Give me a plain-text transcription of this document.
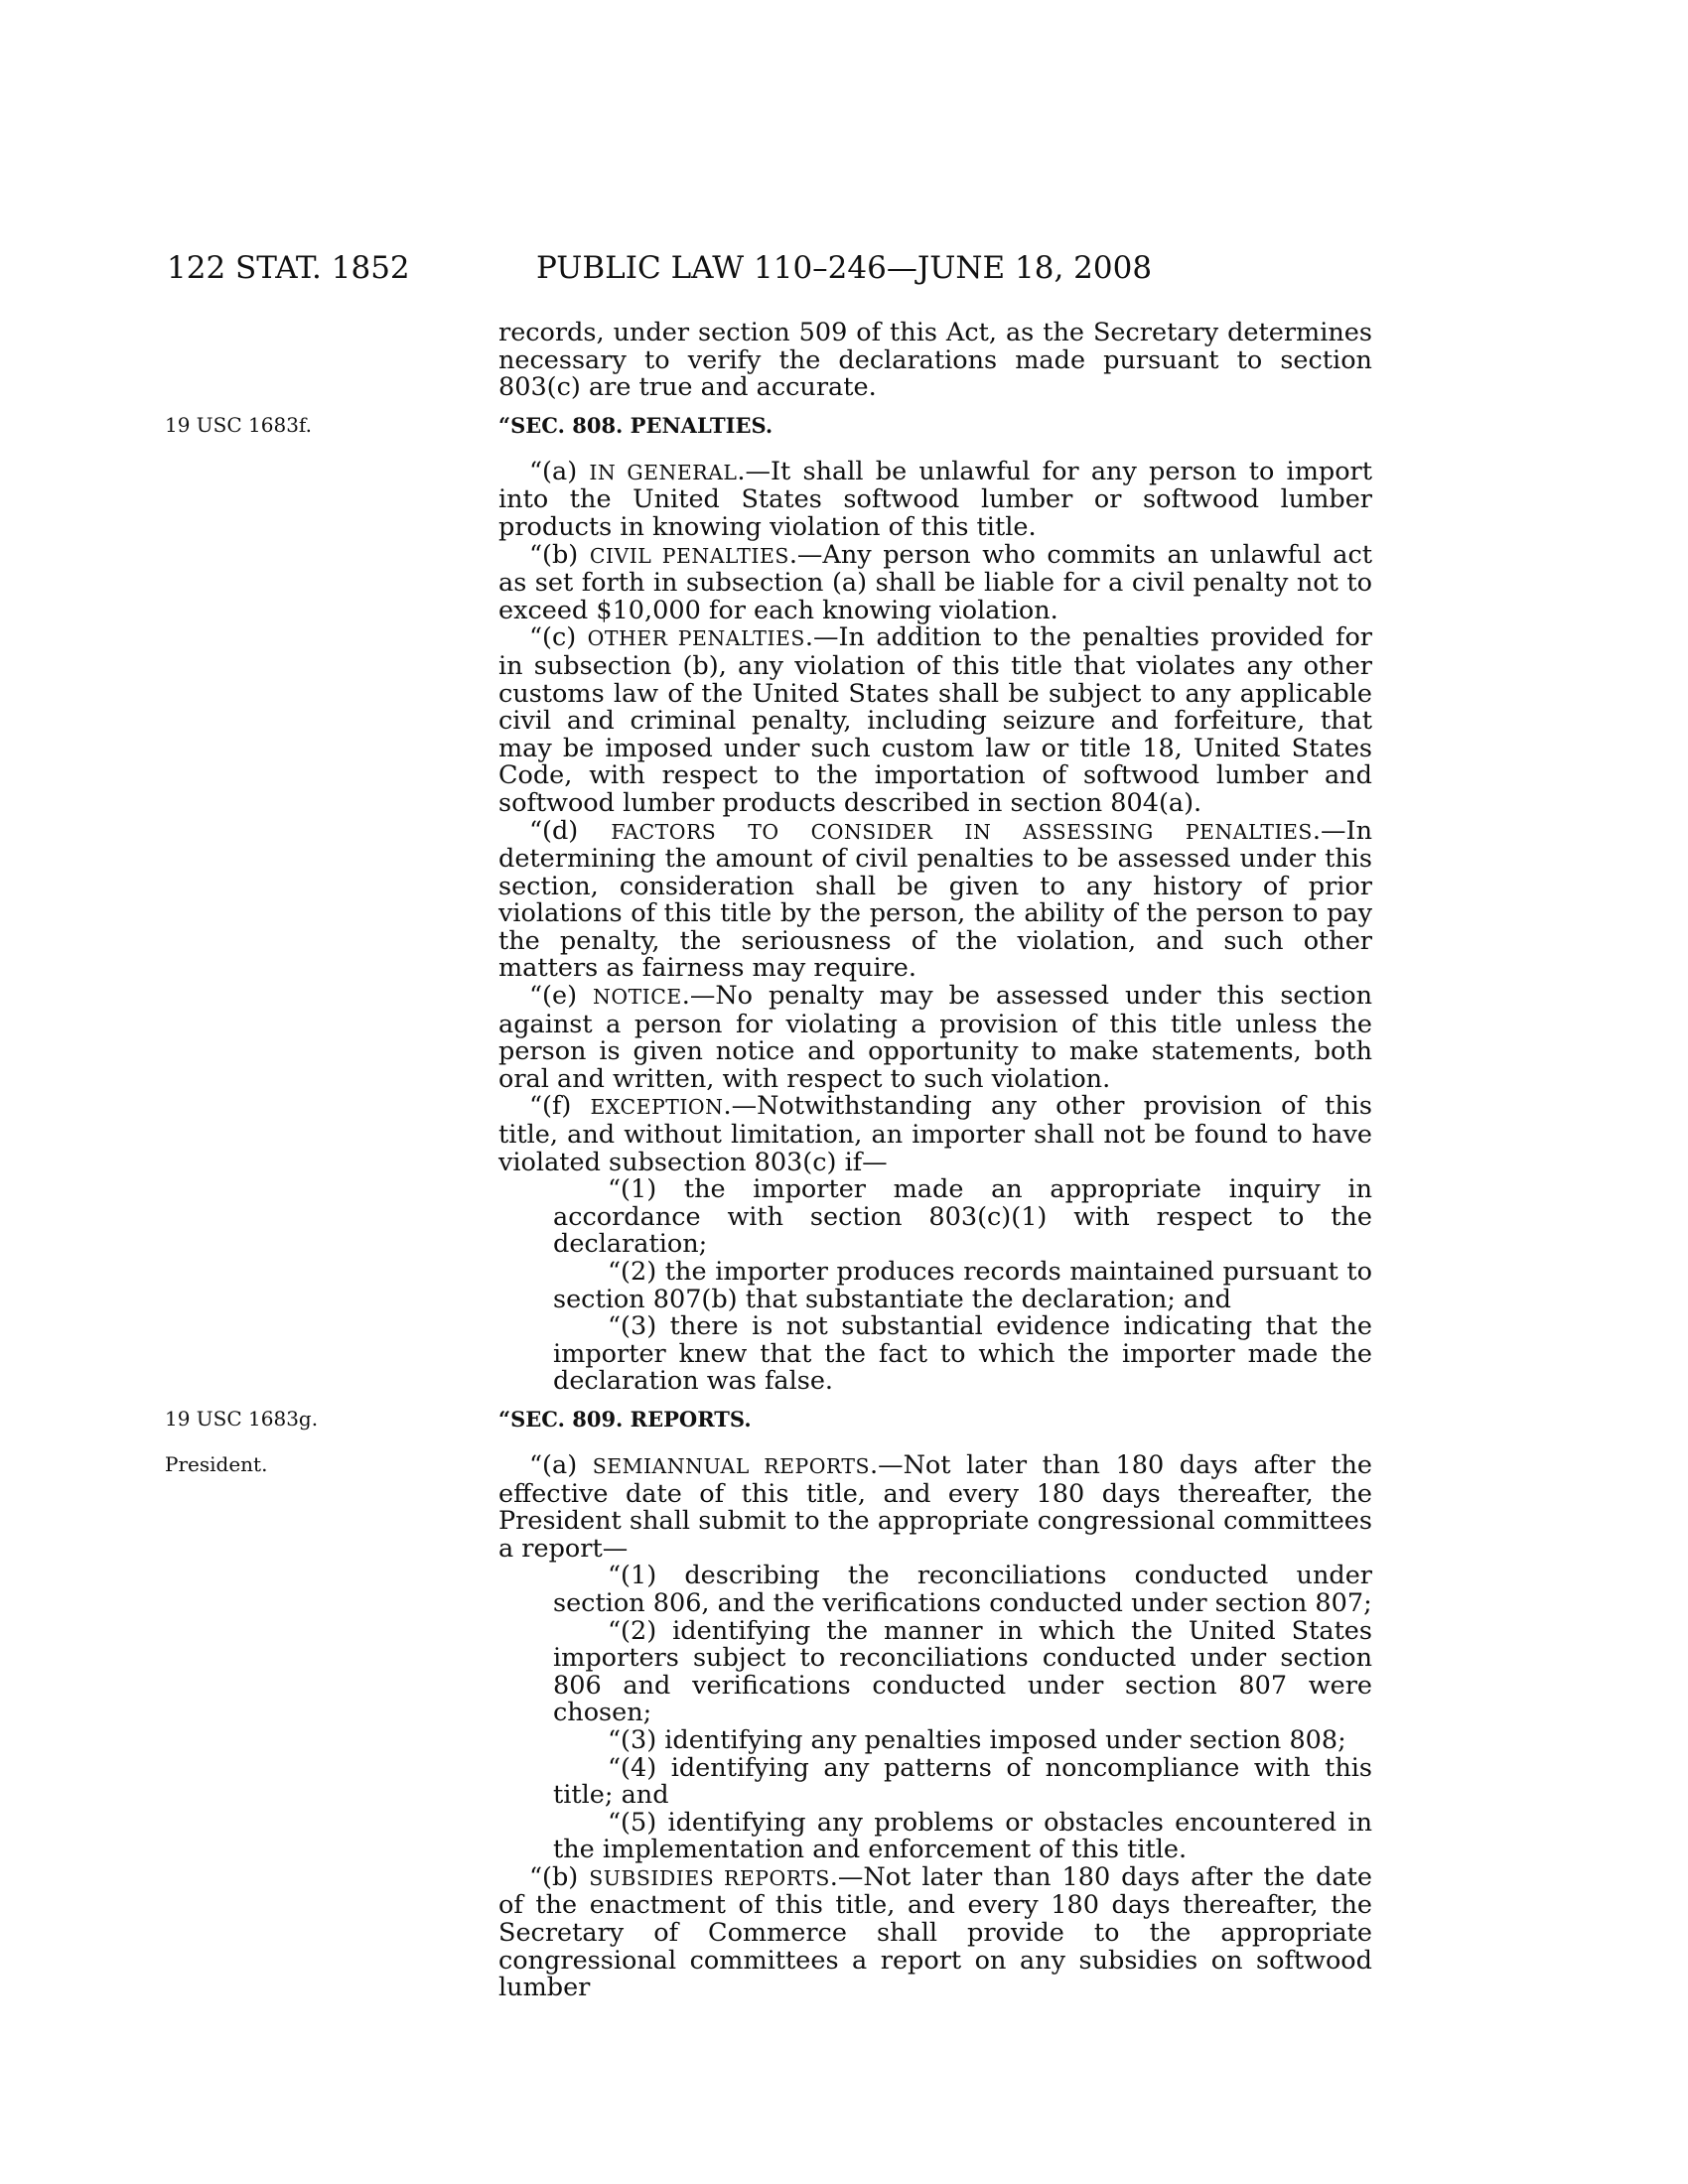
122 STAT. 1852	PUBLIC LAW 110–246—JUNE 18, 2008

records, under section 509 of this Act, as the Secretary determines necessary to verify the declarations made pursuant to section 803(c) are true and accurate.

19 USC 1683f.	“SEC. 808. PENALTIES.

“(a) IN GENERAL.—It shall be unlawful for any person to import into the United States softwood lumber or softwood lumber products in knowing violation of this title.

“(b) CIVIL PENALTIES.—Any person who commits an unlawful act as set forth in subsection (a) shall be liable for a civil penalty not to exceed $10,000 for each knowing violation.

“(c) OTHER PENALTIES.—In addition to the penalties provided for in subsection (b), any violation of this title that violates any other customs law of the United States shall be subject to any applicable civil and criminal penalty, including seizure and forfeiture, that may be imposed under such custom law or title 18, United States Code, with respect to the importation of softwood lumber and softwood lumber products described in section 804(a).

“(d) FACTORS TO CONSIDER IN ASSESSING PENALTIES.—In determining the amount of civil penalties to be assessed under this section, consideration shall be given to any history of prior violations of this title by the person, the ability of the person to pay the penalty, the seriousness of the violation, and such other matters as fairness may require.

“(e) NOTICE.—No penalty may be assessed under this section against a person for violating a provision of this title unless the person is given notice and opportunity to make statements, both oral and written, with respect to such violation.

“(f) EXCEPTION.—Notwithstanding any other provision of this title, and without limitation, an importer shall not be found to have violated subsection 803(c) if—

“(1) the importer made an appropriate inquiry in accordance with section 803(c)(1) with respect to the declaration;

“(2) the importer produces records maintained pursuant to section 807(b) that substantiate the declaration; and

“(3) there is not substantial evidence indicating that the importer knew that the fact to which the importer made the declaration was false.

19 USC 1683g.
President.
“SEC. 809. REPORTS.

“(a) SEMIANNUAL REPORTS.—Not later than 180 days after the effective date of this title, and every 180 days thereafter, the President shall submit to the appropriate congressional committees a report—

“(1) describing the reconciliations conducted under section 806, and the verifications conducted under section 807;

“(2) identifying the manner in which the United States importers subject to reconciliations conducted under section 806 and verifications conducted under section 807 were chosen;

“(3) identifying any penalties imposed under section 808;

“(4) identifying any patterns of noncompliance with this title; and

“(5) identifying any problems or obstacles encountered in the implementation and enforcement of this title.

“(b) SUBSIDIES REPORTS.—Not later than 180 days after the date of the enactment of this title, and every 180 days thereafter, the Secretary of Commerce shall provide to the appropriate congressional committees a report on any subsidies on softwood lumber
